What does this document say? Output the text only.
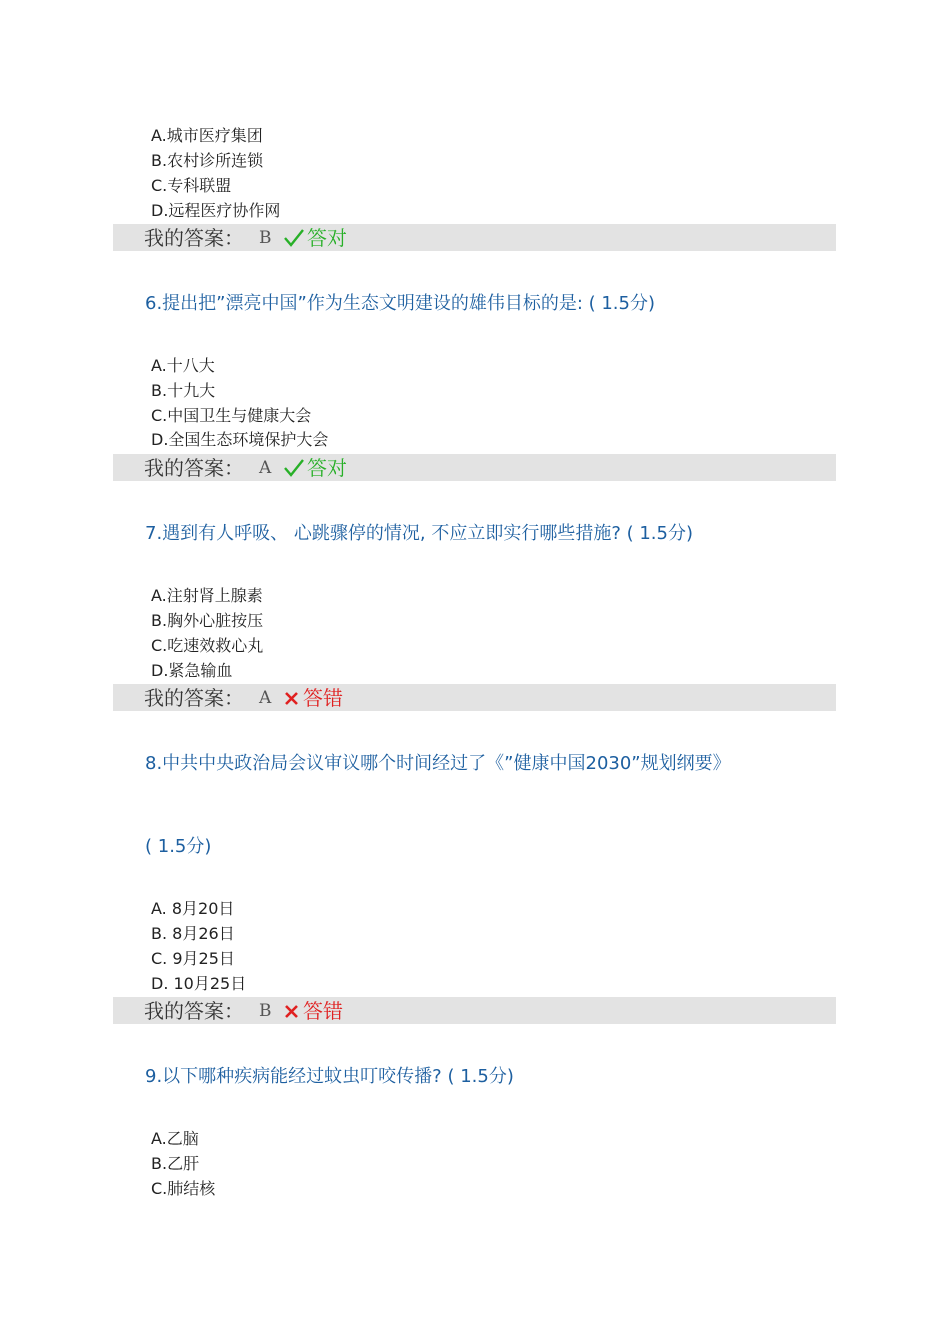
A.城市医疗集团
B.农村诊所连锁
C.专科联盟
D.远程医疗协作网
我的答案： B 答对
6.提出把”漂亮中国”作为生态文明建设的雄伟目标的是: ( 1.5分)
A.十八大
B.十九大
C.中国卫生与健康大会
D.全国生态环境保护大会
我的答案： A 答对
7.遇到有人呼吸、 心跳骤停的情况, 不应立即实行哪些措施? ( 1.5分)
A.注射肾上腺素
B.胸外心脏按压
C.吃速效救心丸
D.紧急输血
我的答案： A 答错
8.中共中央政治局会议审议哪个时间经过了《”健康中国2030”规划纲要》
( 1.5分)
A. 8月20日
B. 8月26日
C. 9月25日
D. 10月25日
我的答案： B 答错
9.以下哪种疾病能经过蚊虫叮咬传播? ( 1.5分)
A.乙脑
B.乙肝
C.肺结核
